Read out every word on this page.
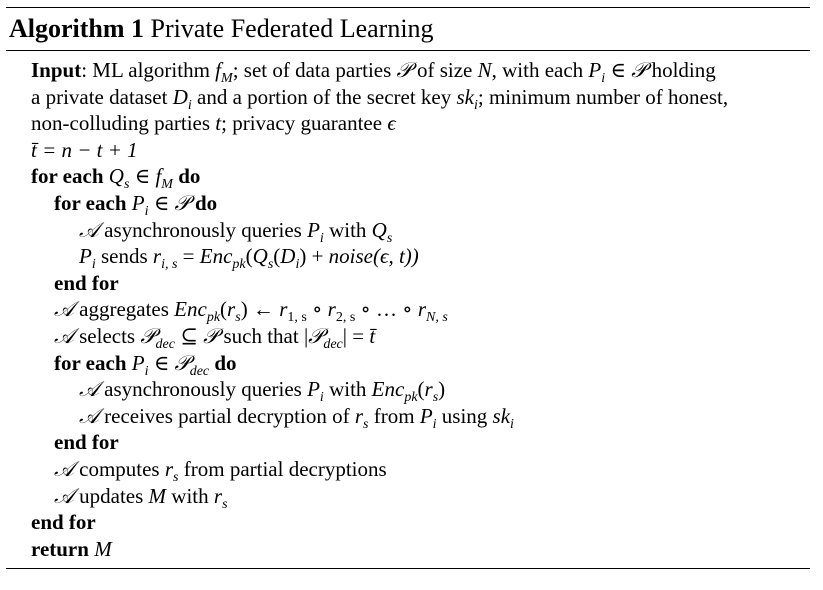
Algorithm 1 Private Federated Learning
Input: ML algorithm $f_M$; set of data parties 𝒫 of size N, with each $P_i$ ∈ 𝒫 holding
a private dataset $D_i$ and a portion of the secret key $sk_i$; minimum number of honest,
non-colluding parties t; privacy guarantee ϵ
t̄ = n − t + 1
for each $Q_s$ ∈ $f_M$ do
for each $P_i$ ∈ 𝒫 do
𝒜 asynchronously queries $P_i$ with $Q_s$
$P_i$ sends $r_{i, s} = Enc_{pk}(Q_s(D_i)$ + noise(ϵ, t))
end for
𝒜 aggregates $Enc_{pk}(r_s)$ ← $r_{1, s}$ ∘ $r_{2, s}$ ∘ … ∘ $r_{N, s}$
𝒜 selects 𝒫$_{dec}$ ⊆ 𝒫 such that |𝒫$_{dec}$| = t̄
for each $P_i$ ∈ 𝒫$_{dec}$ do
𝒜 asynchronously queries $P_i$ with $Enc_{pk}(r_s)$
𝒜 receives partial decryption of $r_s$ from $P_i$ using $sk_i$
end for
𝒜 computes $r_s$ from partial decryptions
𝒜 updates M with $r_s$
end for
return M
